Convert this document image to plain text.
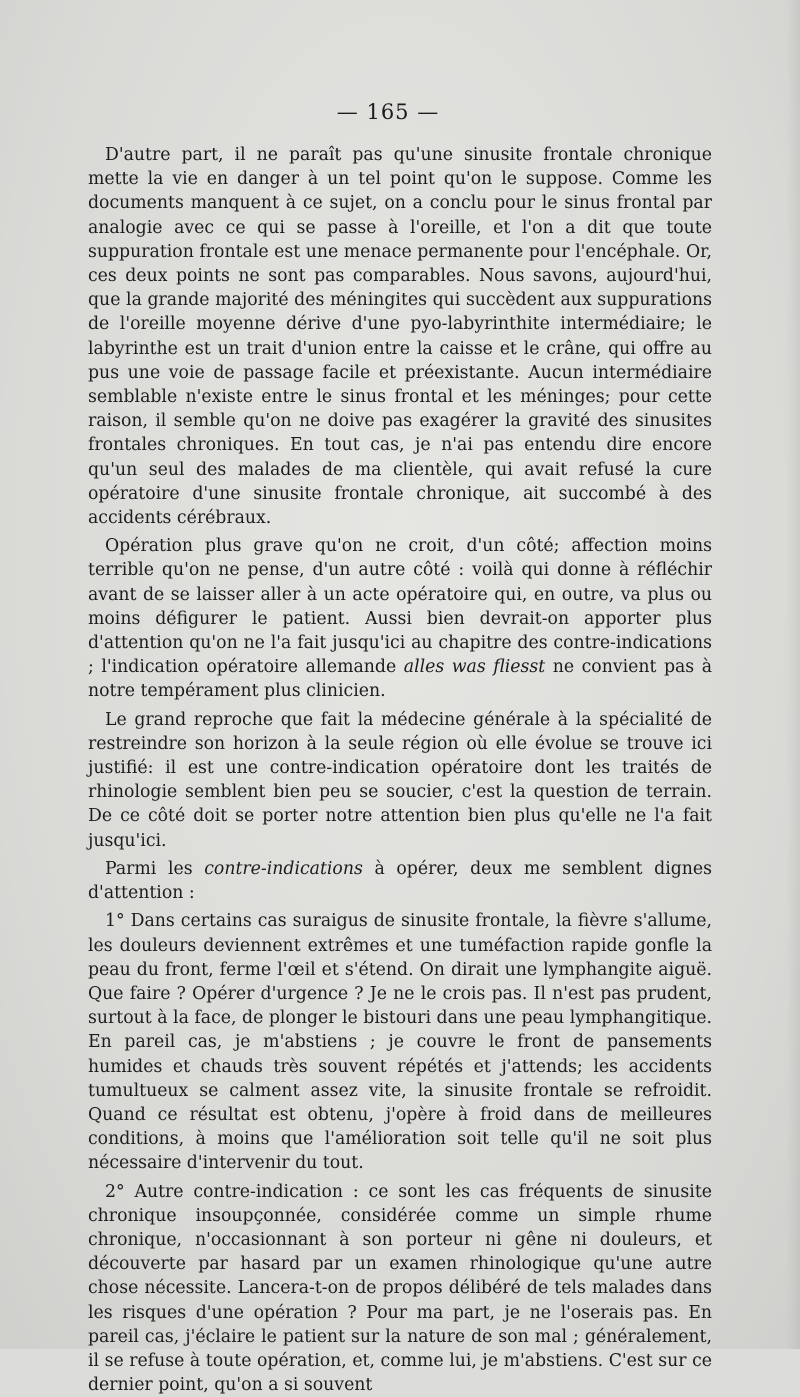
— 165 —

D'autre part, il ne paraît pas qu'une sinusite frontale chronique mette la vie en danger à un tel point qu'on le suppose. Comme les documents manquent à ce sujet, on a conclu pour le sinus frontal par analogie avec ce qui se passe à l'oreille, et l'on a dit que toute suppuration frontale est une menace permanente pour l'encéphale. Or, ces deux points ne sont pas comparables. Nous savons, aujourd'hui, que la grande majorité des méningites qui succèdent aux suppurations de l'oreille moyenne dérive d'une pyo-labyrinthite intermédiaire; le labyrinthe est un trait d'union entre la caisse et le crâne, qui offre au pus une voie de passage facile et préexistante. Aucun intermédiaire semblable n'existe entre le sinus frontal et les méninges; pour cette raison, il semble qu'on ne doive pas exagérer la gravité des sinusites frontales chroniques. En tout cas, je n'ai pas entendu dire encore qu'un seul des malades de ma clientèle, qui avait refusé la cure opératoire d'une sinusite frontale chronique, ait succombé à des accidents cérébraux.

Opération plus grave qu'on ne croit, d'un côté; affection moins terrible qu'on ne pense, d'un autre côté : voilà qui donne à réfléchir avant de se laisser aller à un acte opératoire qui, en outre, va plus ou moins défigurer le patient. Aussi bien devrait-on apporter plus d'attention qu'on ne l'a fait jusqu'ici au chapitre des contre-indications ; l'indication opératoire allemande alles was fliesst ne convient pas à notre tempérament plus clinicien.

Le grand reproche que fait la médecine générale à la spécialité de restreindre son horizon à la seule région où elle évolue se trouve ici justifié: il est une contre-indication opératoire dont les traités de rhinologie semblent bien peu se soucier, c'est la question de terrain. De ce côté doit se porter notre attention bien plus qu'elle ne l'a fait jusqu'ici.

Parmi les contre-indications à opérer, deux me semblent dignes d'attention :

1° Dans certains cas suraigus de sinusite frontale, la fièvre s'allume, les douleurs deviennent extrêmes et une tuméfaction rapide gonfle la peau du front, ferme l'œil et s'étend. On dirait une lymphangite aiguë. Que faire ? Opérer d'urgence ? Je ne le crois pas. Il n'est pas prudent, surtout à la face, de plonger le bistouri dans une peau lymphangitique. En pareil cas, je m'abstiens ; je couvre le front de pansements humides et chauds très souvent répétés et j'attends; les accidents tumultueux se calment assez vite, la sinusite frontale se refroidit. Quand ce résultat est obtenu, j'opère à froid dans de meilleures conditions, à moins que l'amélioration soit telle qu'il ne soit plus nécessaire d'intervenir du tout.

2° Autre contre-indication : ce sont les cas fréquents de sinusite chronique insoupçonnée, considérée comme un simple rhume chronique, n'occasionnant à son porteur ni gêne ni douleurs, et découverte par hasard par un examen rhinologique qu'une autre chose nécessite. Lancera-t-on de propos délibéré de tels malades dans les risques d'une opération ? Pour ma part, je ne l'oserais pas. En pareil cas, j'éclaire le patient sur la nature de son mal ; généralement, il se refuse à toute opération, et, comme lui, je m'abstiens. C'est sur ce dernier point, qu'on a si souvent
